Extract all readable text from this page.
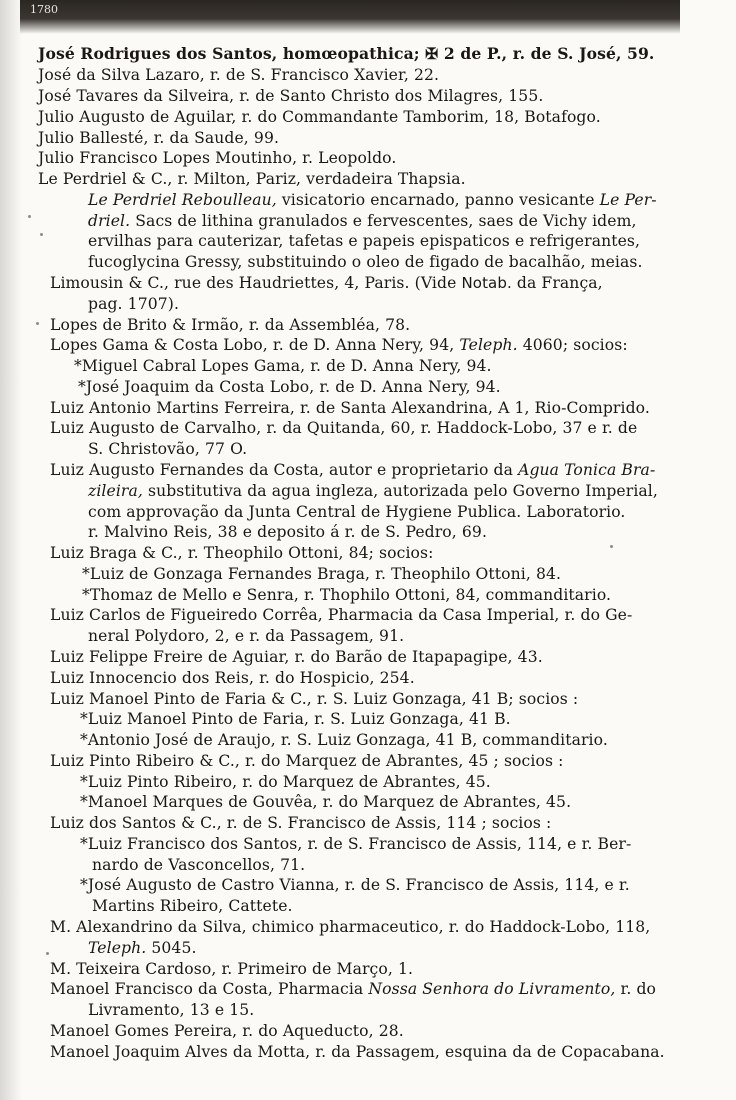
1780
José Rodrigues dos Santos, homœopathica; ✠ 2 de P., r. de S. José, 59.
José da Silva Lazaro, r. de S. Francisco Xavier, 22.
José Tavares da Silveira, r. de Santo Christo dos Milagres, 155.
Julio Augusto de Aguilar, r. do Commandante Tamborim, 18, Botafogo.
Julio Ballesté, r. da Saude, 99.
Julio Francisco Lopes Moutinho, r. Leopoldo.
Le Perdriel & C., r. Milton, Pariz, verdadeira Thapsia.
Le Perdriel Reboulleau, visicatorio encarnado, panno vesicante Le Per-
driel. Sacs de lithina granulados e fervescentes, saes de Vichy idem,
ervilhas para cauterizar, tafetas e papeis epispaticos e refrigerantes,
fucoglycina Gressy, substituindo o oleo de figado de bacalhão, meias.
Limousin & C., rue des Haudriettes, 4, Paris. (Vide Notab. da França,
pag. 1707).
Lopes de Brito & Irmão, r. da Assembléa, 78.
Lopes Gama & Costa Lobo, r. de D. Anna Nery, 94, Teleph. 4060; socios:
*Miguel Cabral Lopes Gama, r. de D. Anna Nery, 94.
*José Joaquim da Costa Lobo, r. de D. Anna Nery, 94.
Luiz Antonio Martins Ferreira, r. de Santa Alexandrina, A 1, Rio-Comprido.
Luiz Augusto de Carvalho, r. da Quitanda, 60, r. Haddock-Lobo, 37 e r. de
S. Christovão, 77 O.
Luiz Augusto Fernandes da Costa, autor e proprietario da Agua Tonica Bra-
zileira, substitutiva da agua ingleza, autorizada pelo Governo Imperial,
com approvação da Junta Central de Hygiene Publica. Laboratorio.
r. Malvino Reis, 38 e deposito á r. de S. Pedro, 69.
Luiz Braga & C., r. Theophilo Ottoni, 84; socios:
*Luiz de Gonzaga Fernandes Braga, r. Theophilo Ottoni, 84.
*Thomaz de Mello e Senra, r. Thophilo Ottoni, 84, commanditario.
Luiz Carlos de Figueiredo Corrêa, Pharmacia da Casa Imperial, r. do Ge-
neral Polydoro, 2, e r. da Passagem, 91.
Luiz Felippe Freire de Aguiar, r. do Barão de Itapapagipe, 43.
Luiz Innocencio dos Reis, r. do Hospicio, 254.
Luiz Manoel Pinto de Faria & C., r. S. Luiz Gonzaga, 41 B; socios :
*Luiz Manoel Pinto de Faria, r. S. Luiz Gonzaga, 41 B.
*Antonio José de Araujo, r. S. Luiz Gonzaga, 41 B, commanditario.
Luiz Pinto Ribeiro & C., r. do Marquez de Abrantes, 45 ; socios :
*Luiz Pinto Ribeiro, r. do Marquez de Abrantes, 45.
*Manoel Marques de Gouvêa, r. do Marquez de Abrantes, 45.
Luiz dos Santos & C., r. de S. Francisco de Assis, 114 ; socios :
*Luiz Francisco dos Santos, r. de S. Francisco de Assis, 114, e r. Ber-
nardo de Vasconcellos, 71.
*José Augusto de Castro Vianna, r. de S. Francisco de Assis, 114, e r.
Martins Ribeiro, Cattete.
M. Alexandrino da Silva, chimico pharmaceutico, r. do Haddock-Lobo, 118,
Teleph. 5045.
M. Teixeira Cardoso, r. Primeiro de Março, 1.
Manoel Francisco da Costa, Pharmacia Nossa Senhora do Livramento, r. do
Livramento, 13 e 15.
Manoel Gomes Pereira, r. do Aqueducto, 28.
Manoel Joaquim Alves da Motta, r. da Passagem, esquina da de Copacabana.
